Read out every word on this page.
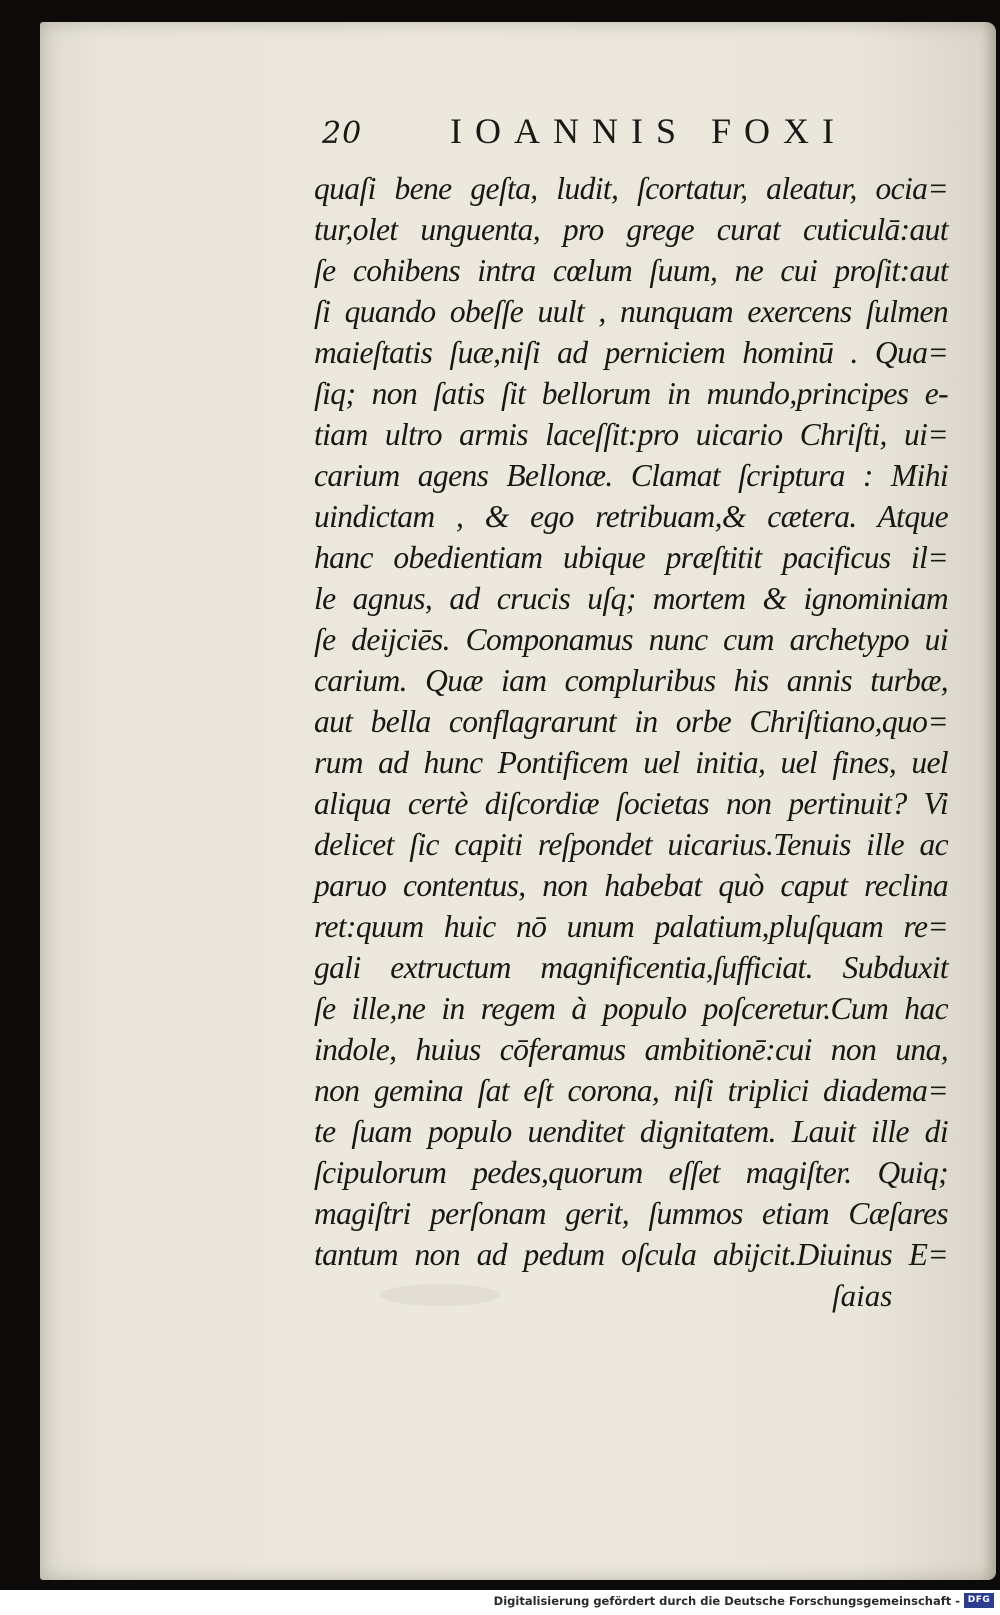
20 IOANNIS FOXI
quaſi bene geſta, ludit, ſcortatur, aleatur, ocia=
tur,olet unguenta, pro grege curat cuticulā:aut
ſe cohibens intra cœlum ſuum, ne cui proſit:aut
ſi quando obeſſe uult , nunquam exercens ſulmen
maieſtatis ſuæ,niſi ad perniciem hominū . Qua=
ſiq; non ſatis ſit bellorum in mundo,principes e-
tiam ultro armis laceſſit:pro uicario Chriſti, ui=
carium agens Bellonæ. Clamat ſcriptura : Mihi
uindictam , & ego retribuam,& cætera. Atque
hanc obedientiam ubique præſtitit pacificus il=
le agnus, ad crucis uſq; mortem & ignominiam
ſe deijciēs. Componamus nunc cum archetypo ui
carium. Quæ iam compluribus his annis turbæ,
aut bella conflagrarunt in orbe Chriſtiano,quo=
rum ad hunc Pontificem uel initia, uel fines, uel
aliqua certè diſcordiæ ſocietas non pertinuit? Vi
delicet ſic capiti reſpondet uicarius.Tenuis ille ac
paruo contentus, non habebat quò caput reclina
ret:quum huic nō unum palatium,pluſquam re=
gali extructum magnificentia,ſufficiat. Subduxit
ſe ille,ne in regem à populo poſceretur.Cum hac
indole, huius cōferamus ambitionē:cui non una,
non gemina ſat eſt corona, niſi triplici diadema=
te ſuam populo uenditet dignitatem. Lauit ille di
ſcipulorum pedes,quorum eſſet magiſter. Quiq;
magiſtri perſonam gerit, ſummos etiam Cæſares
tantum non ad pedum oſcula abijcit.Diuinus E=
ſaias
Digitalisierung gefördert durch die Deutsche Forschungsgemeinschaft - DFG
